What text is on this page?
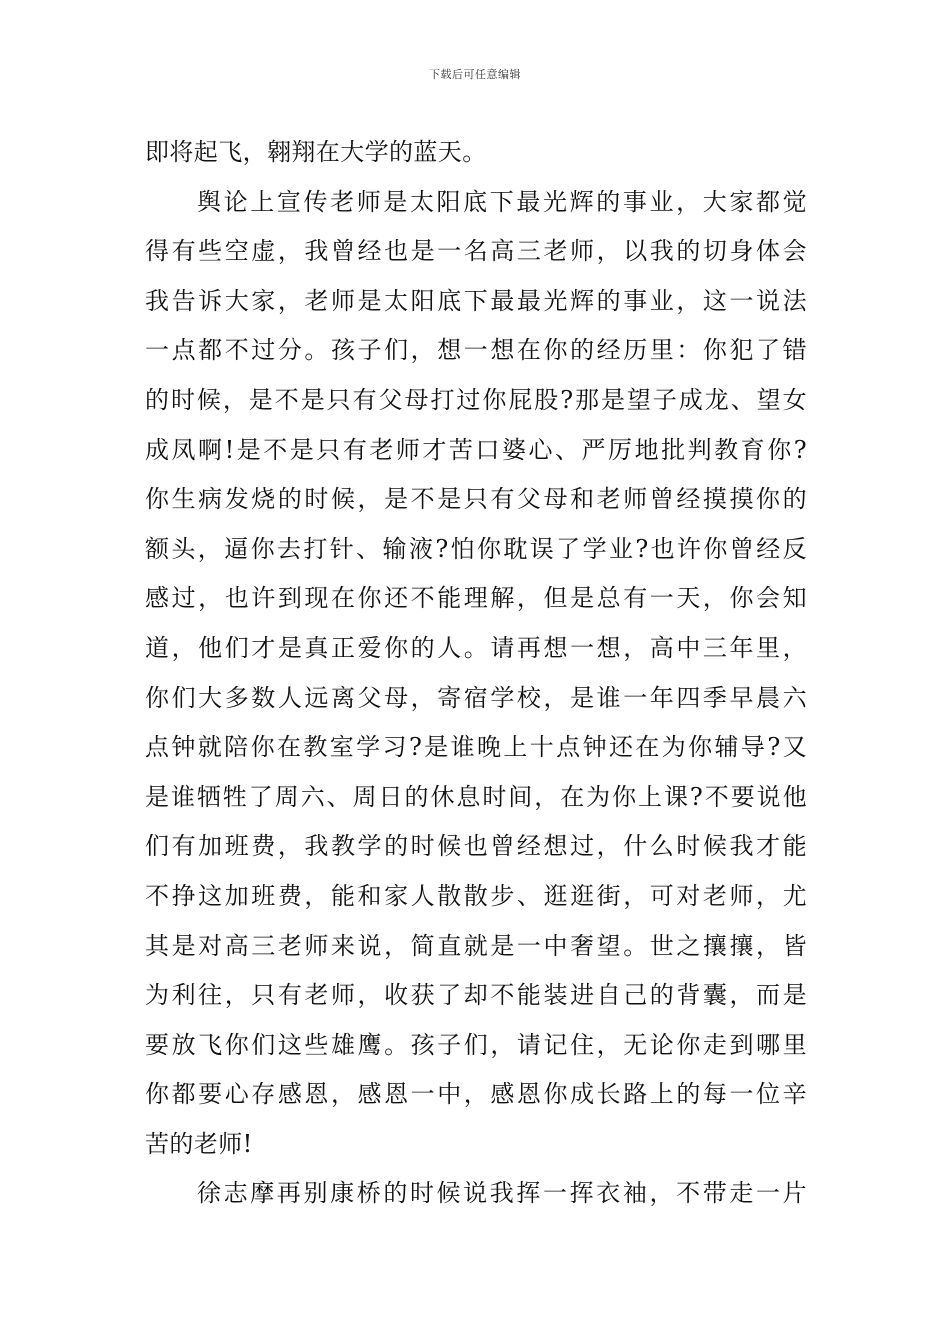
下载后可任意编辑
即将起飞，翱翔在大学的蓝天。
舆论上宣传老师是太阳底下最光辉的事业，大家都觉
得有些空虚，我曾经也是一名高三老师，以我的切身体会
我告诉大家，老师是太阳底下最最光辉的事业，这一说法
一点都不过分。孩子们，想一想在你的经历里：你犯了错
的时候，是不是只有父母打过你屁股?那是望子成龙、望女
成凤啊!是不是只有老师才苦口婆心、严厉地批判教育你?
你生病发烧的时候，是不是只有父母和老师曾经摸摸你的
额头，逼你去打针、输液?怕你耽误了学业?也许你曾经反
感过，也许到现在你还不能理解，但是总有一天，你会知
道，他们才是真正爱你的人。请再想一想，高中三年里，
你们大多数人远离父母，寄宿学校，是谁一年四季早晨六
点钟就陪你在教室学习?是谁晚上十点钟还在为你辅导?又
是谁牺牲了周六、周日的休息时间，在为你上课?不要说他
们有加班费，我教学的时候也曾经想过，什么时候我才能
不挣这加班费，能和家人散散步、逛逛街，可对老师，尤
其是对高三老师来说，简直就是一中奢望。世之攘攘，皆
为利往，只有老师，收获了却不能装进自己的背囊，而是
要放飞你们这些雄鹰。孩子们，请记住，无论你走到哪里
你都要心存感恩，感恩一中，感恩你成长路上的每一位辛
苦的老师!
徐志摩再别康桥的时候说我挥一挥衣袖，不带走一片
